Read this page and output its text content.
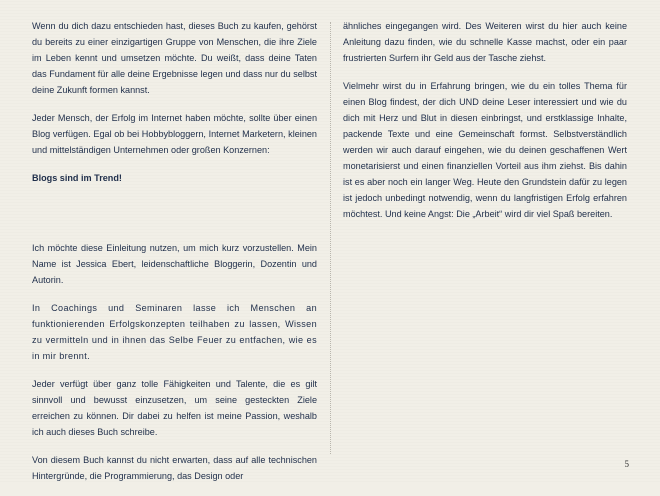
Wenn du dich dazu entschieden hast, dieses Buch zu kaufen, gehörst du bereits zu einer einzigartigen Gruppe von Menschen, die ihre Ziele im Leben kennt und umsetzen möchte. Du weißt, dass deine Taten das Fundament für alle deine Ergebnisse legen und dass nur du selbst deine Zukunft formen kannst.

Jeder Mensch, der Erfolg im Internet haben möchte, sollte über einen Blog verfügen. Egal ob bei Hobbybloggern, Internet Marketern, kleinen und mittelständigen Unternehmen oder großen Konzernen:

Blogs sind im Trend!

Ich möchte diese Einleitung nutzen, um mich kurz vorzustellen. Mein Name ist Jessica Ebert, leidenschaftliche Bloggerin, Dozentin und Autorin.

In Coachings und Seminaren lasse ich Menschen an funktionierenden Erfolgskonzepten teilhaben zu lassen, Wissen zu vermitteln und in ihnen das Selbe Feuer zu entfachen, wie es in mir brennt.

Jeder verfügt über ganz tolle Fähigkeiten und Talente, die es gilt sinnvoll und bewusst einzusetzen, um seine gesteckten Ziele erreichen zu können. Dir dabei zu helfen ist meine Passion, weshalb ich auch dieses Buch schreibe.

Von diesem Buch kannst du nicht erwarten, dass auf alle technischen Hintergründe, die Programmierung, das Design oder

ähnliches eingegangen wird. Des Weiteren wirst du hier auch keine Anleitung dazu finden, wie du schnelle Kasse machst, oder ein paar frustrierten Surfern ihr Geld aus der Tasche ziehst.

Vielmehr wirst du in Erfahrung bringen, wie du ein tolles Thema für einen Blog findest, der dich UND deine Leser interessiert und wie du dich mit Herz und Blut in diesen einbringst, und erstklassige Inhalte, packende Texte und eine Gemeinschaft formst. Selbstverständlich werden wir auch darauf eingehen, wie du deinen geschaffenen Wert monetarisierst und einen finanziellen Vorteil aus ihm ziehst. Bis dahin ist es aber noch ein langer Weg. Heute den Grundstein dafür zu legen ist jedoch unbedingt notwendig, wenn du langfristigen Erfolg erfahren möchtest. Und keine Angst: Die „Arbeit“ wird dir viel Spaß bereiten.

5
